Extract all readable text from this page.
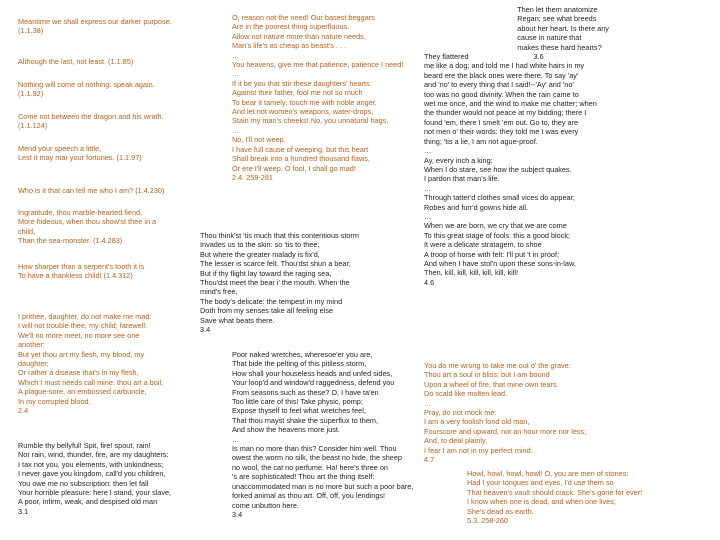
Meantime we shall express our darker purpose.
(1.1.38)

Although the last, not least. (1.1.85)

Nothing will come of nothing: speak again.
(1.1.92)

Come not between the dragon and his wrath.
(1.1.124)

Mend your speech a little,
Lest it may mar your fortunes. (1.1.97)

Who is it that can tell me who I am? (1.4.230)

Ingratitude, thou marble-hearted fiend,
More hideous, when thou show'st thee in a
child,
Than the sea-monster. (1.4.283)

How sharper than a serpent's tooth it is
To have a thankless child! (1.4.312)

I prithee, daughter, do not make me mad:
I will not trouble thee, my child; farewell:
We'll no more meet, no more see one
another:
But yet thou art my flesh, my blood, my
daughter;
Or rather a disease that's in my flesh,
Which I must needs call mine: thou art a boil,
A plague-sore, an embossed carbuncle,
In my corrupted blood.
2.4

Rumble thy bellyful! Spit, fire! spout, rain!
Nor rain, wind, thunder, fire, are my daughters:
I tax not you, you elements, with unkindness;
I never gave you kingdom, call'd you children,
You owe me no subscription: then let fall
Your horrible pleasure: here I stand, your slave,
A poor, infirm, weak, and despised old man
3.1

O, reason not the need! Our basest beggars
Are in the poorest thing superfluous.
Allow not nature more than nature needs,
Man's life's as cheap as beast's . . .
…
You heavens, give me that patience, patience I need!
…
If it be you that stir these daughters' hearts
Against their father, fool me not so much
To bear it tamely; touch me with noble anger,
And let not women's weapons, water-drops,
Stain my man's cheeks! No, you unnatural hags,
…
No, I'll not weep.
I have full cause of weeping, but this heart
Shall break into a hundred thousand flaws,
Or ere I'll weep. O fool, I shall go mad!
2.4. 259-281

Thou think'st 'tis much that this contentious storm
Invades us to the skin: so 'tis to thee;
But where the greater malady is fix'd,
The lesser is scarce felt. Thou'dst shun a bear;
But if thy flight lay toward the raging sea,
Thou'dst meet the bear i' the mouth. When the
mind's free,
The body's delicate: the tempest in my mind
Doth from my senses take all feeling else
Save what beats there.
3.4

Poor naked wretches, wheresoe'er you are,
That bide the pelting of this pitiless storm,
How shall your houseless heads and unfed sides,
Your loop'd and window'd raggedness, defend you
From seasons such as these? O, I have ta'en
Too little care of this! Take physic, pomp;
Expose thyself to feel what wretches feel,
That thou mayst shake the superflux to them,
And show the heavens more just.
…
Is man no more than this? Consider him well. Thou
owest the worm no silk, the beast no hide, the sheep
no wool, the cat no perfume. Ha! here's three on
's are sophisticated! Thou art the thing itself:
unaccommodated man is no more but such a poor bare,
forked animal as thou art. Off, off, you lendings!
come unbutton here.
3.4

Then let them anatomize
Regan; see what breeds
about her heart. Is there any
cause in nature that
makes these hard hearts?
They flattered                                3.6
me like a dog; and told me I had white hairs in my
beard ere the black ones were there. To say 'ay'
and 'no' to every thing that I said!--'Ay' and 'no'
too was no good divinity. When the rain came to
wet me once, and the wind to make me chatter; when
the thunder would not peace at my bidding; there I
found 'em, there I smelt 'em out. Go to, they are
not men o' their words: they told me I was every
thing; 'tis a lie, I am not ague-proof.
…
Ay, every inch a king:
When I do stare, see how the subject quakes.
I pardon that man's life.
…
Through tatter'd clothes small vices do appear;
Robes and furr'd gowns hide all.
…
When we are born, we cry that we are come
To this great stage of fools: this a good block;
It were a delicate stratagem, to shoe
A troop of horse with felt: I'll put 't in proof;
And when I have stol'n upon these sons-in-law,
Then, kill, kill, kill, kill, kill, kill!
4.6

You do me wrong to take me out o' the grave:
Thou art a soul in bliss; but I am bound
Upon a wheel of fire, that mine own tears
Do scald like molten lead.
…
Pray, do not mock me:
I am a very foolish fond old man,
Fourscore and upward, not an hour more nor less;
And, to deal plainly,
I fear I am not in my perfect mind.
4.7

Howl, howl, howl, howl! O, you are men of stones:
Had I your tongues and eyes, I'd use them so
That heaven's vault should crack. She's gone for ever!
I know when one is dead, and when one lives;
She's dead as earth.
5.3. 258-260
